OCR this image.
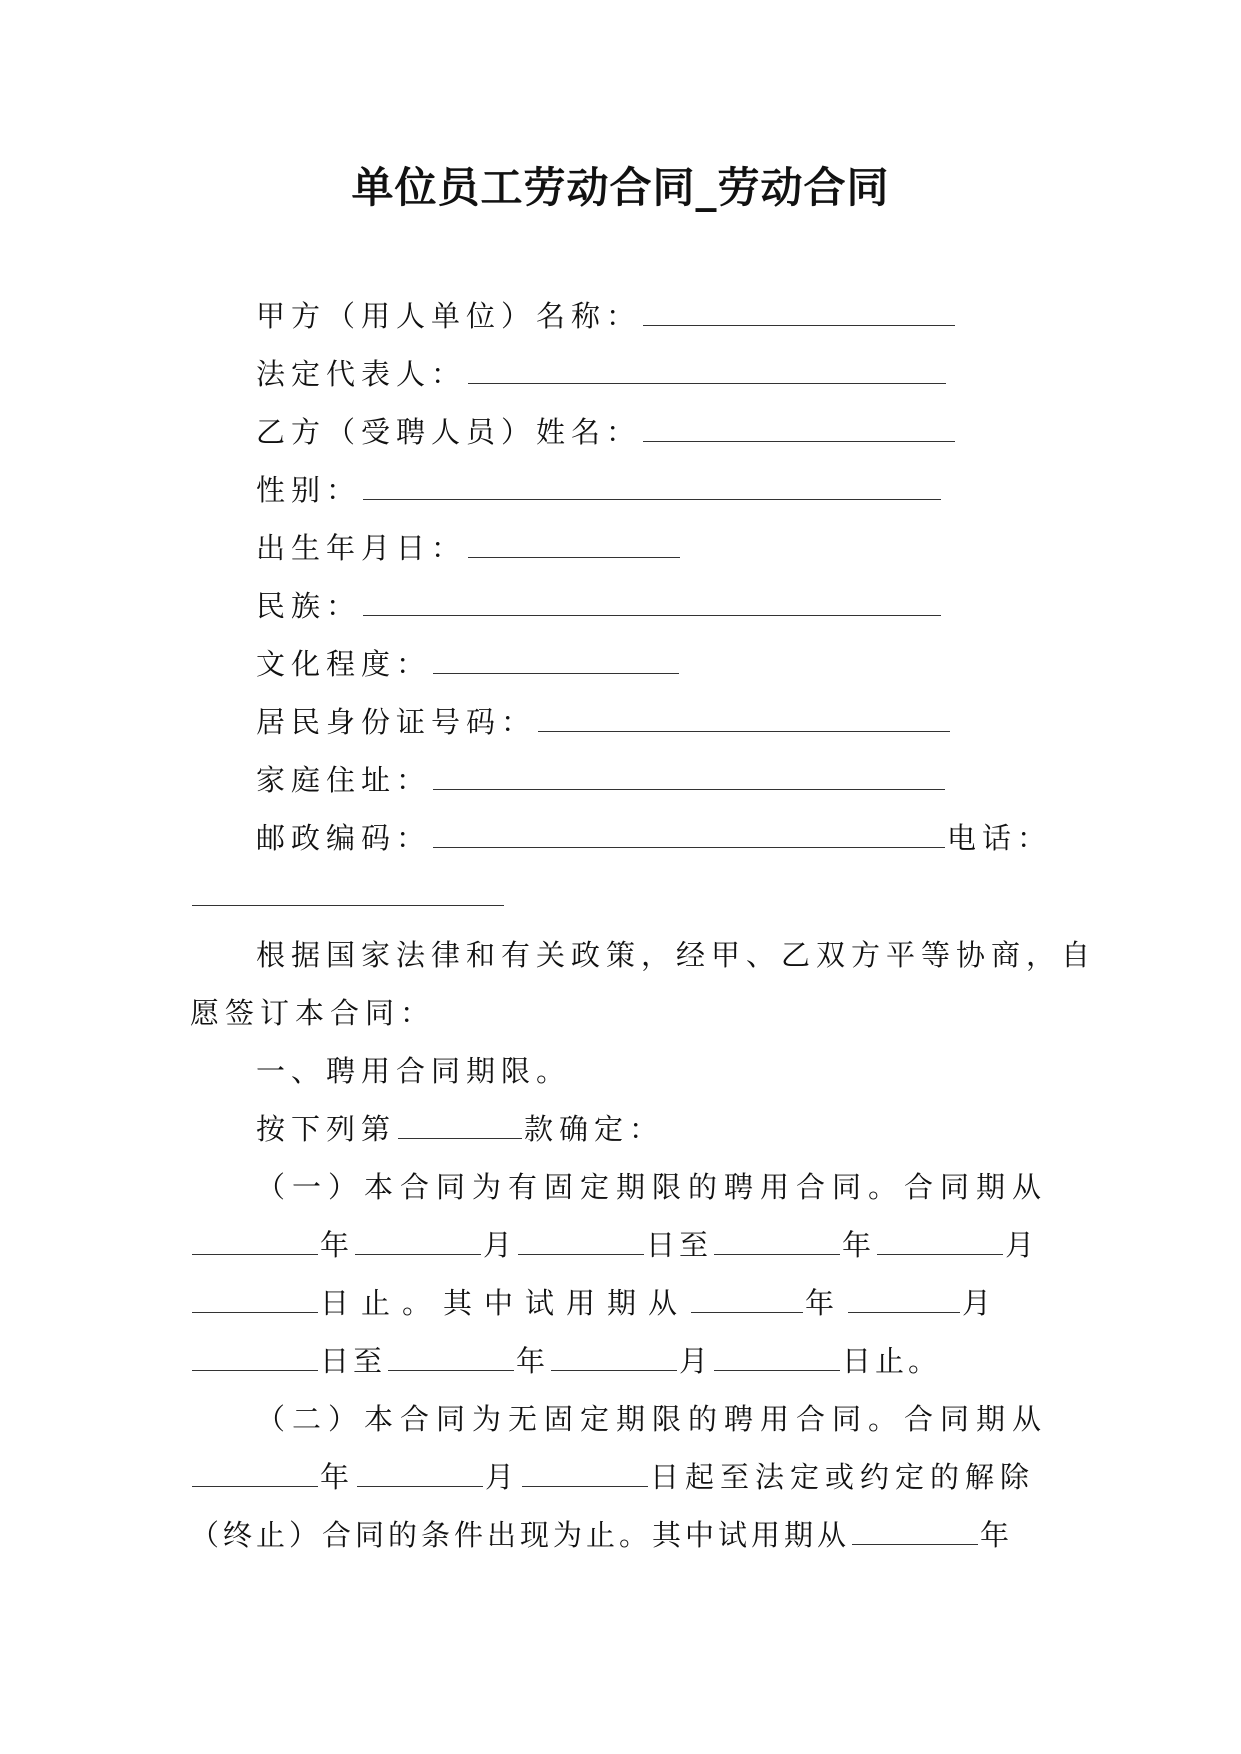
单位员工劳动合同_劳动合同
甲方（用人单位）名称：
法定代表人：
乙方（受聘人员）姓名：
性别：
出生年月日：
民族：
文化程度：
居民身份证号码：
家庭住址：
邮政编码：	电话：
根据国家法律和有关政策，经甲、乙双方平等协商，自
愿签订本合同：
一、聘用合同期限。
按下列第	款确定：
（一）本合同为有固定期限的聘用合同。合同期从
年	月	日至	年	月
日止。其中试用期从	年	月
日至	年	月	日止。
（二）本合同为无固定期限的聘用合同。合同期从
年	月	日起至法定或约定的解除
（终止）合同的条件出现为止。其中试用期从	年
